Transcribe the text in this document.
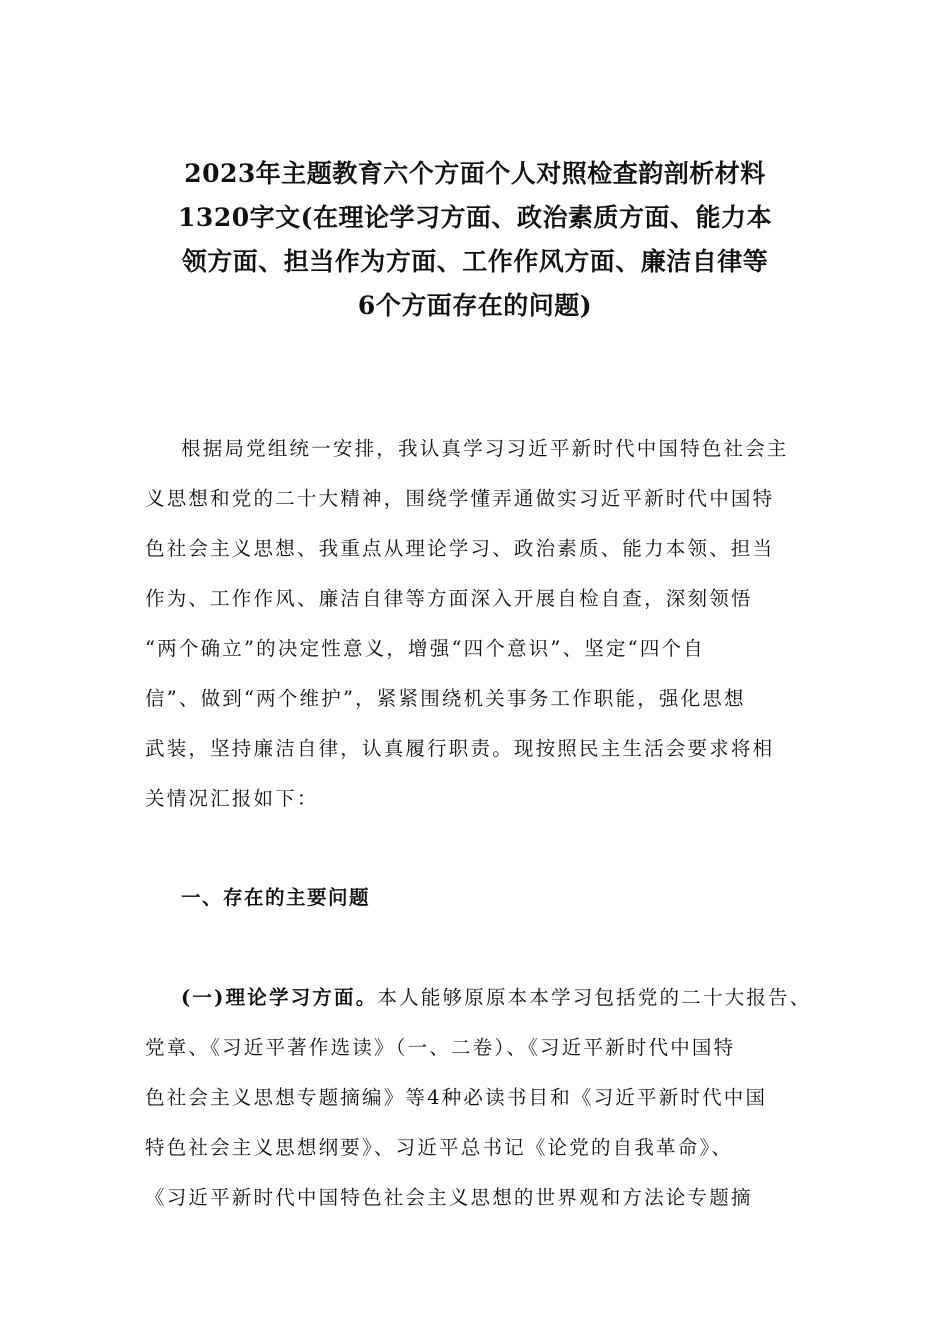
2023年主题教育六个方面个人对照检查韵剖析材料
1320字文(在理论学习方面、政治素质方面、能力本
领方面、担当作为方面、工作作风方面、廉洁自律等
6个方面存在的问题)
根据局党组统一安排，我认真学习习近平新时代中国特色社会主
义思想和党的二十大精神，围绕学懂弄通做实习近平新时代中国特
色社会主义思想、我重点从理论学习、政治素质、能力本领、担当
作为、工作作风、廉洁自律等方面深入开展自检自查，深刻领悟
“两个确立”的决定性意义，增强“四个意识”、坚定“四个自
信”、做到“两个维护”，紧紧围绕机关事务工作职能，强化思想
武装，坚持廉洁自律，认真履行职责。现按照民主生活会要求将相
关情况汇报如下：
一、存在的主要问题
(一)理论学习方面。本人能够原原本本学习包括党的二十大报告、
党章、《习近平著作选读》（一、二卷）、《习近平新时代中国特
色社会主义思想专题摘编》等4种必读书目和《习近平新时代中国
特色社会主义思想纲要》、习近平总书记《论党的自我革命》、
《习近平新时代中国特色社会主义思想的世界观和方法论专题摘
